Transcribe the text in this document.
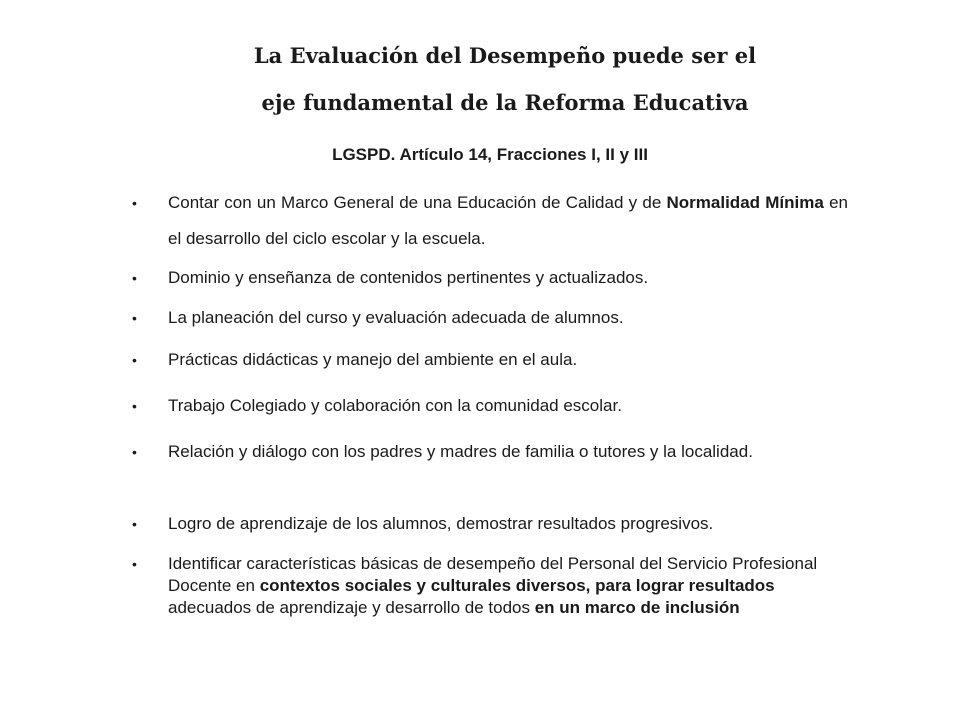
La Evaluación del Desempeño puede ser el
eje fundamental de la Reforma Educativa
LGSPD. Artículo 14, Fracciones I, II y III
•	Contar con un Marco General de una Educación de Calidad y de Normalidad Mínima en el desarrollo del ciclo escolar y la escuela.
•	Dominio y enseñanza de contenidos pertinentes y actualizados.
•	La planeación del curso y evaluación adecuada de alumnos.
•	Prácticas didácticas y manejo del ambiente en el aula.
•	Trabajo Colegiado y colaboración con la comunidad escolar.
•	Relación y diálogo con los padres y madres de familia o tutores y la localidad.
•	Logro de aprendizaje de los alumnos, demostrar resultados progresivos.
•	Identificar características básicas de desempeño del Personal del Servicio Profesional Docente en contextos sociales y culturales diversos, para lograr resultados adecuados de aprendizaje y desarrollo de todos en un marco de inclusión
